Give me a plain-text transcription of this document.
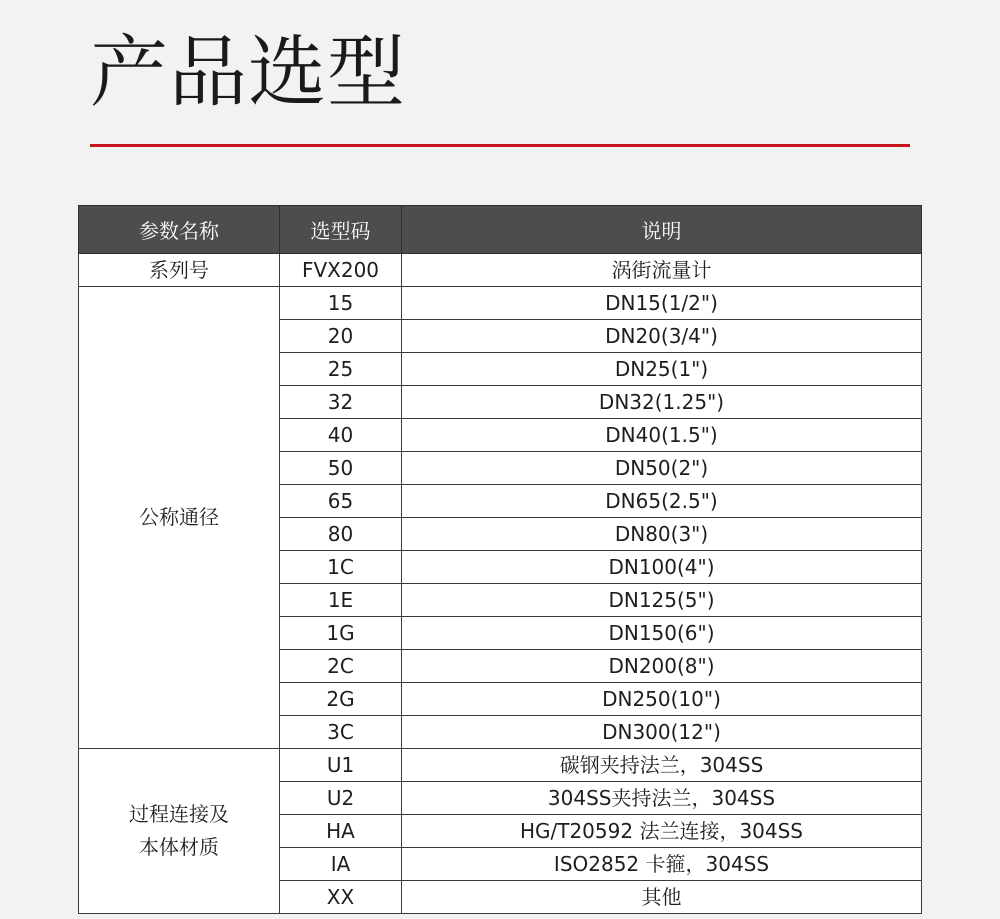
产品选型
参数名称	选型码	说明
系列号	FVX200	涡街流量计
公称通径	15	DN15(1/2")
	20	DN20(3/4")
	25	DN25(1")
	32	DN32(1.25")
	40	DN40(1.5")
	50	DN50(2")
	65	DN65(2.5")
	80	DN80(3")
	1C	DN100(4")
	1E	DN125(5")
	1G	DN150(6")
	2C	DN200(8")
	2G	DN250(10")
	3C	DN300(12")

过程连接及
本体材质	U1	碳钢夹持法兰，304SS
	U2	304SS夹持法兰，304SS
	HA	HG/T20592 法兰连接，304SS
	IA	ISO2852 卡箍，304SS
	XX	其他
